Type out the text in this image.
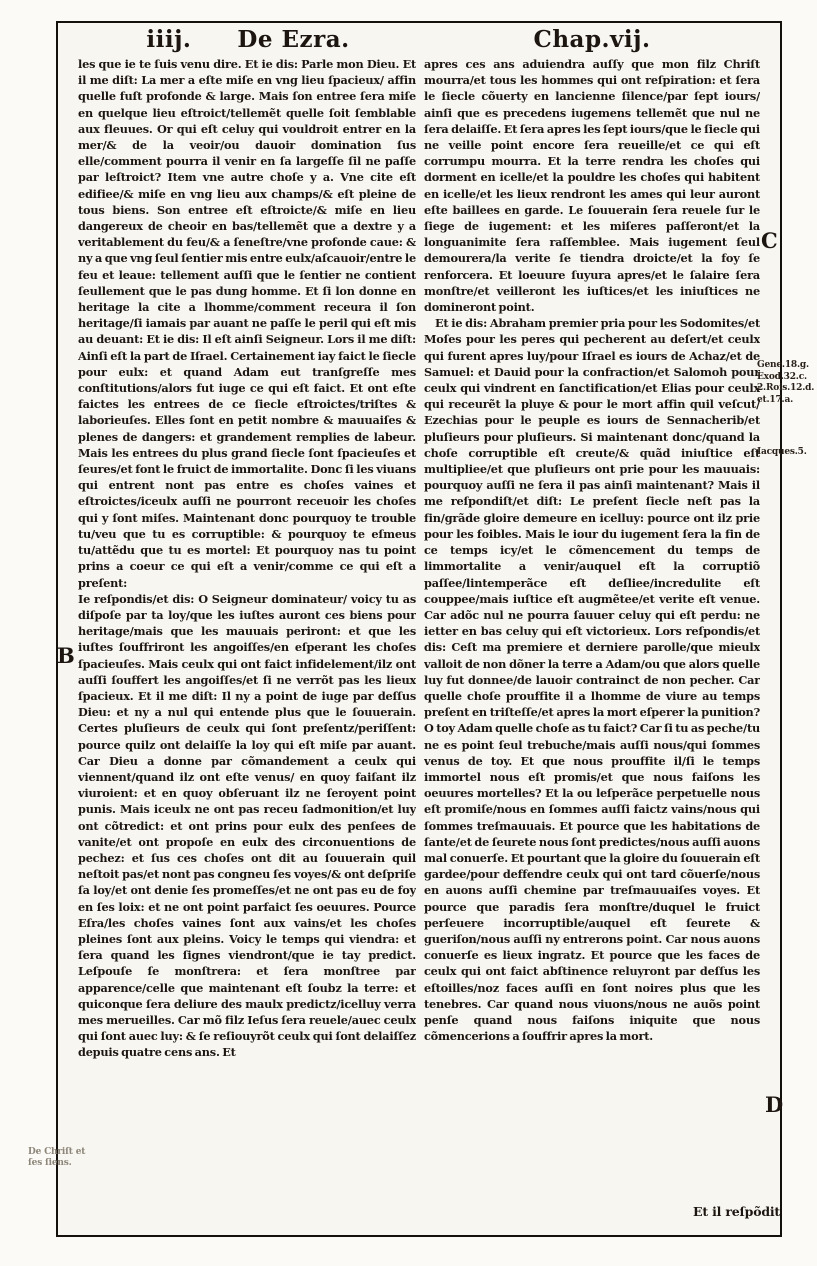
iiij. De Ezra.	Chap.vij.

les que ie te ſuis venu dire. Et ie dis: Parle mon Dieu. Et il me diſt: La mer a eſte miſe en vng lieu ſpacieux/ affin quelle fuſt profonde & large. Mais ſon entree ſera miſe en quelque lieu eſtroict/tellemẽt quelle ſoit ſemblable aux fleuues. Or qui eſt celuy qui vouldroit entrer en la mer/& de la veoir/ou dauoir domination ſus elle/comment pourra il venir en ſa largeſſe ſil ne paſſe par leſtroict? Item vne autre choſe y a. Vne cite eſt edifiee/& miſe en vng lieu aux champs/& eſt pleine de tous biens. Son entree eſt eſtroicte/& miſe en lieu dangereux de cheoir en bas/tellemẽt que a dextre y a veritablement du feu/& a ſeneſtre/vne profonde caue: & ny a que vng ſeul ſentier mis entre eulx/aſcauoir/entre le feu et leaue: tellement auſſi que le ſentier ne contient ſeullement que le pas dung homme. Et ſi lon donne en heritage la cite a lhomme/comment receura il ſon heritage/ſi iamais par auant ne paſſe le peril qui eſt mis au deuant: Et ie dis: Il eſt ainſi Seigneur. Lors il me diſt: Ainſi eſt la part de Iſrael. Certainement iay faict le ſiecle pour eulx: et quand Adam eut tranſgreſſe mes conſtitutions/alors fut iuge ce qui eſt faict. Et ont eſte faictes les entrees de ce ſiecle eſtroictes/triſtes & laborieuſes. Elles ſont en petit nombre & mauuaiſes & plenes de dangers: et grandement remplies de labeur. Mais les entrees du plus grand ſiecle ſont ſpacieuſes et ſeures/et font le fruict de immortalite. Donc ſi les viuans qui entrent nont pas entre es choſes vaines et eſtroictes/iceulx auſſi ne pourront receuoir les choſes qui y ſont miſes. Maintenant donc pourquoy te trouble tu/veu que tu es corruptible: & pourquoy te eſmeus tu/attẽdu que tu es mortel: Et pourquoy nas tu point prins a coeur ce qui eſt a venir/comme ce qui eſt a preſent:

Ie reſpondis/et dis: O Seigneur dominateur/ voicy tu as diſpoſe par ta loy/que les iuſtes auront ces biens pour heritage/mais que les mauuais periront: et que les iuſtes ſouffriront les angoiſſes/en eſperant les choſes ſpacieuſes. Mais ceulx qui ont faict infidelement/ilz ont auſſi ſouffert les angoiſſes/et ſi ne verrõt pas les lieux ſpacieux. Et il me diſt: Il ny a point de iuge par deſſus Dieu: et ny a nul qui entende plus que le ſouuerain. Certes pluſieurs de ceulx qui ſont preſentz/periſſent: pource quilz ont delaiſſe la loy qui eſt miſe par auant. Car Dieu a donne par cõmandement a ceulx qui viennent/quand ilz ont eſte venus/ en quoy faiſant ilz viuroient: et en quoy obſeruant ilz ne ſeroyent point punis. Mais iceulx ne ont pas receu ſadmonition/et luy ont cõtredict: et ont prins pour eulx des penſees de vanite/et ont propoſe en eulx des circonuentions de pechez: et ſus ces choſes ont dit au ſouuerain quil neſtoit pas/et nont pas congneu ſes voyes/& ont deſpriſe ſa loy/et ont denie ſes promeſſes/et ne ont pas eu de foy en ſes loix: et ne ont point parfaict ſes oeuures. Pource Eſra/les choſes vaines ſont aux vains/et les choſes pleines ſont aux pleins. Voicy le temps qui viendra: et ſera quand les ſignes viendront/que ie tay predict. Leſpouſe ſe monſtrera: et ſera monſtree par apparence/celle que maintenant eſt ſoubz la terre: et quiconque ſera deliure des maulx predictz/icelluy verra mes merueilles. Car mõ filz Ieſus ſera reuele/auec ceulx qui ſont auec luy: & ſe reſiouyrõt ceulx qui ſont delaiſſez depuis quatre cens ans. Et

apres ces ans aduiendra auſſy que mon filz Chriſt mourra/et tous les hommes qui ont reſpiration: et ſera le ſiecle cõuerty en lancienne ſilence/par ſept iours/ ainſi que es precedens iugemens tellemẽt que nul ne ſera delaiſſe. Et ſera apres les ſept iours/que le ſiecle qui ne veille point encore ſera reueille/et ce qui eſt corrumpu mourra. Et la terre rendra les choſes qui dorment en icelle/et la pouldre les choſes qui habitent en icelle/et les lieux rendront les ames qui leur auront eſte baillees en garde. Le ſouuerain ſera reuele ſur le ſiege de iugement: et les miſeres paſſeront/et la longuanimite ſera raſſemblee. Mais iugement ſeul demourera/la verite ſe tiendra droicte/et la foy ſe renforcera. Et loeuure ſuyura apres/et le ſalaire ſera monſtre/et veilleront les iuſtices/et les iniuſtices ne domineront point.

Et ie dis: Abraham premier pria pour les Sodomites/et Moſes pour les peres qui pecherent au deſert/et ceulx qui furent apres luy/pour Iſrael es iours de Achaz/et de Samuel: et Dauid pour la confraction/et Salomoh pour ceulx qui vindrent en ſanctification/et Elias pour ceulx qui receurẽt la pluye & pour le mort affin quil veſcut/ Ezechias pour le peuple es iours de Sennacherib/et pluſieurs pour pluſieurs. Si maintenant donc/quand la choſe corruptible eſt creute/& quãd iniuſtice eſt multipliee/et que pluſieurs ont prie pour les mauuais: pourquoy auſſi ne ſera il pas ainſi maintenant? Mais il me reſpondiſt/et diſt: Le preſent ſiecle neſt pas la fin/grãde gloire demeure en icelluy: pource ont ilz prie pour les foibles. Mais le iour du iugement ſera la fin de ce temps icy/et le cõmencement du temps de limmortalite a venir/auquel eſt la corruptiõ paſſee/lintemperãce eſt deſliee/incredulite eſt couppee/mais iuſtice eſt augmẽtee/et verite eſt venue. Car adõc nul ne pourra ſauuer celuy qui eſt perdu: ne ietter en bas celuy qui eſt victorieux. Lors reſpondis/et dis: Ceſt ma premiere et derniere parolle/que mieulx valloit de non dõner la terre a Adam/ou que alors quelle luy fut donnee/de lauoir contrainct de non pecher. Car quelle choſe prouffite il a lhomme de viure au temps preſent en triſteſſe/et apres la mort eſperer la punition? O toy Adam quelle choſe as tu faict? Car ſi tu as peche/tu ne es point ſeul trebuche/mais auſſi nous/qui ſommes venus de toy. Et que nous prouffite il/ſi le temps immortel nous eſt promis/et que nous faiſons les oeuures mortelles? Et la ou leſperãce perpetuelle nous eſt promiſe/nous en ſommes auſſi faictz vains/nous qui ſommes treſmauuais. Et pource que les habitations de ſante/et de ſeurete nous ſont predictes/nous auſſi auons mal conuerſe. Et pourtant que la gloire du ſouuerain eſt gardee/pour deffendre ceulx qui ont tard cõuerſe/nous en auons auſſi chemine par treſmauuaiſes voyes. Et pource que paradis ſera monſtre/duquel le fruict perſeuere incorruptible/auquel eſt ſeurete & gueriſon/nous auſſi ny entrerons point. Car nous auons conuerſe es lieux ingratz. Et pource que les faces de ceulx qui ont faict abſtinence reluyront par deſſus les eſtoilles/noz faces auſſi en ſont noires plus que les tenebres. Car quand nous viuons/nous ne auõs point penſe quand nous faiſons iniquite que nous cõmencerions a ſouffrir apres la mort.

B
C
D
Gene.18.g.
Exod.32.c.
2.Rois.12.d.
et.17.a.
Iacques.5.
De Chriſt et
ſes ſiens.
Et il reſpõdit
